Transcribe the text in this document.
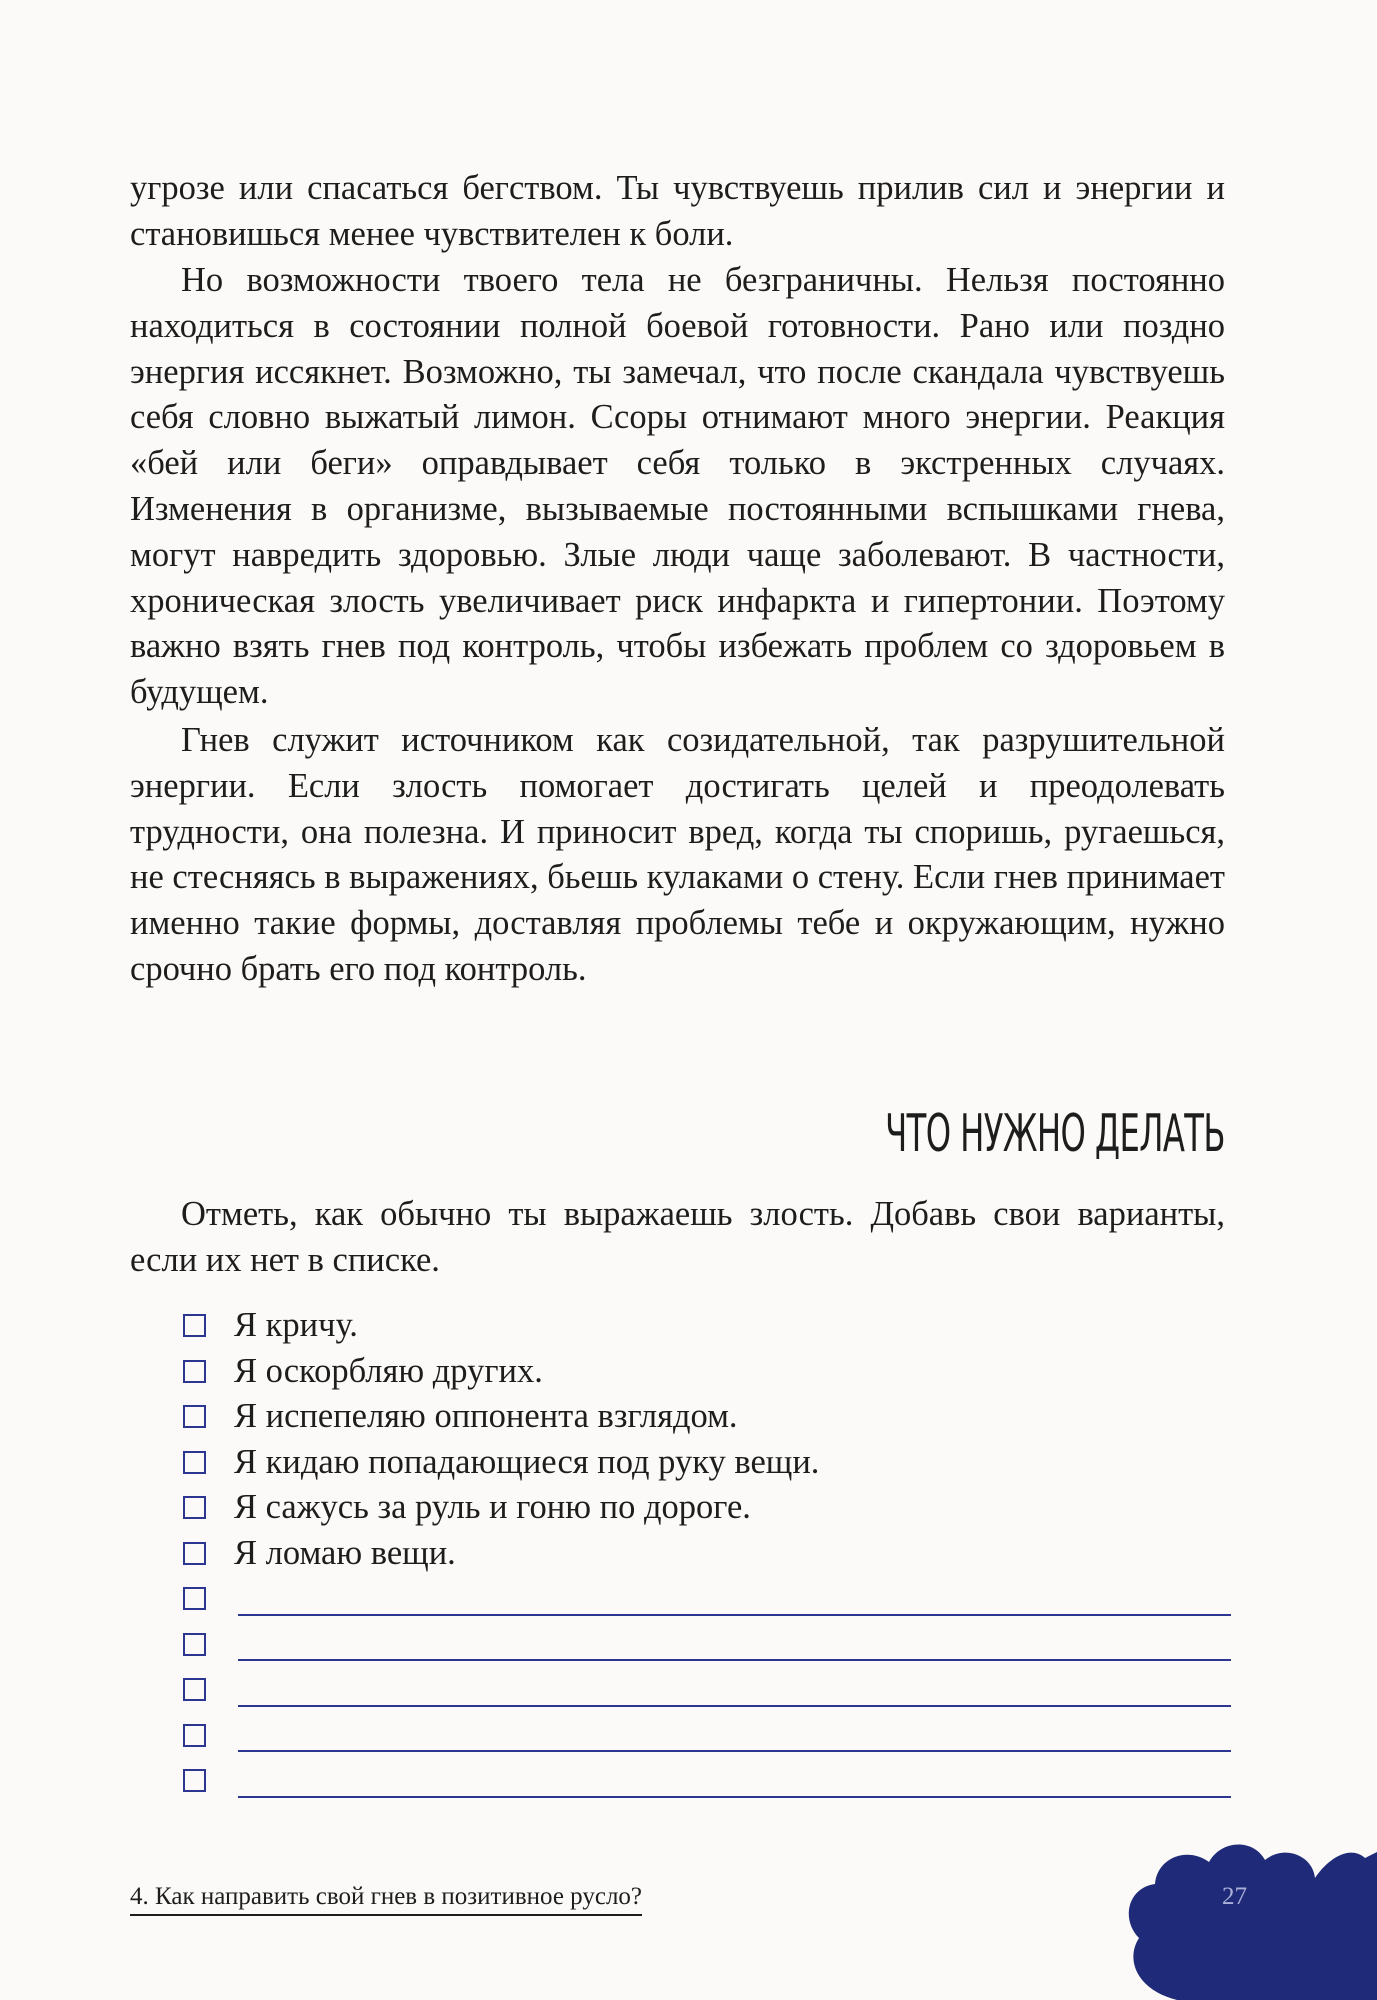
угрозе или спасаться бегством. Ты чувствуешь прилив сил и энергии и становишься менее чувствителен к боли.

Но возможности твоего тела не безграничны. Нельзя постоянно находиться в состоянии полной боевой готовности. Рано или поздно энергия иссякнет. Возможно, ты замечал, что после скандала чувствуешь себя словно выжатый лимон. Ссоры отнимают много энергии. Реакция «бей или беги» оправдывает себя только в экстренных случаях. Изменения в организме, вызываемые постоянными вспышками гнева, могут навредить здоровью. Злые люди чаще заболевают. В частности, хроническая злость увеличивает риск инфаркта и гипертонии. Поэтому важно взять гнев под контроль, чтобы избежать проблем со здоровьем в будущем.

Гнев служит источником как созидательной, так разрушительной энергии. Если злость помогает достигать целей и преодолевать трудности, она полезна. И приносит вред, когда ты споришь, ругаешься, не стесняясь в выражениях, бьешь кулаками о стену. Если гнев принимает именно такие формы, доставляя проблемы тебе и окружающим, нужно срочно брать его под контроль.

ЧТО НУЖНО ДЕЛАТЬ

Отметь, как обычно ты выражаешь злость. Добавь свои варианты, если их нет в списке.

Я кричу.
Я оскорбляю других.
Я испепеляю оппонента взглядом.
Я кидаю попадающиеся под руку вещи.
Я сажусь за руль и гоню по дороге.
Я ломаю вещи.
4. Как направить свой гнев в позитивное русло?	27
